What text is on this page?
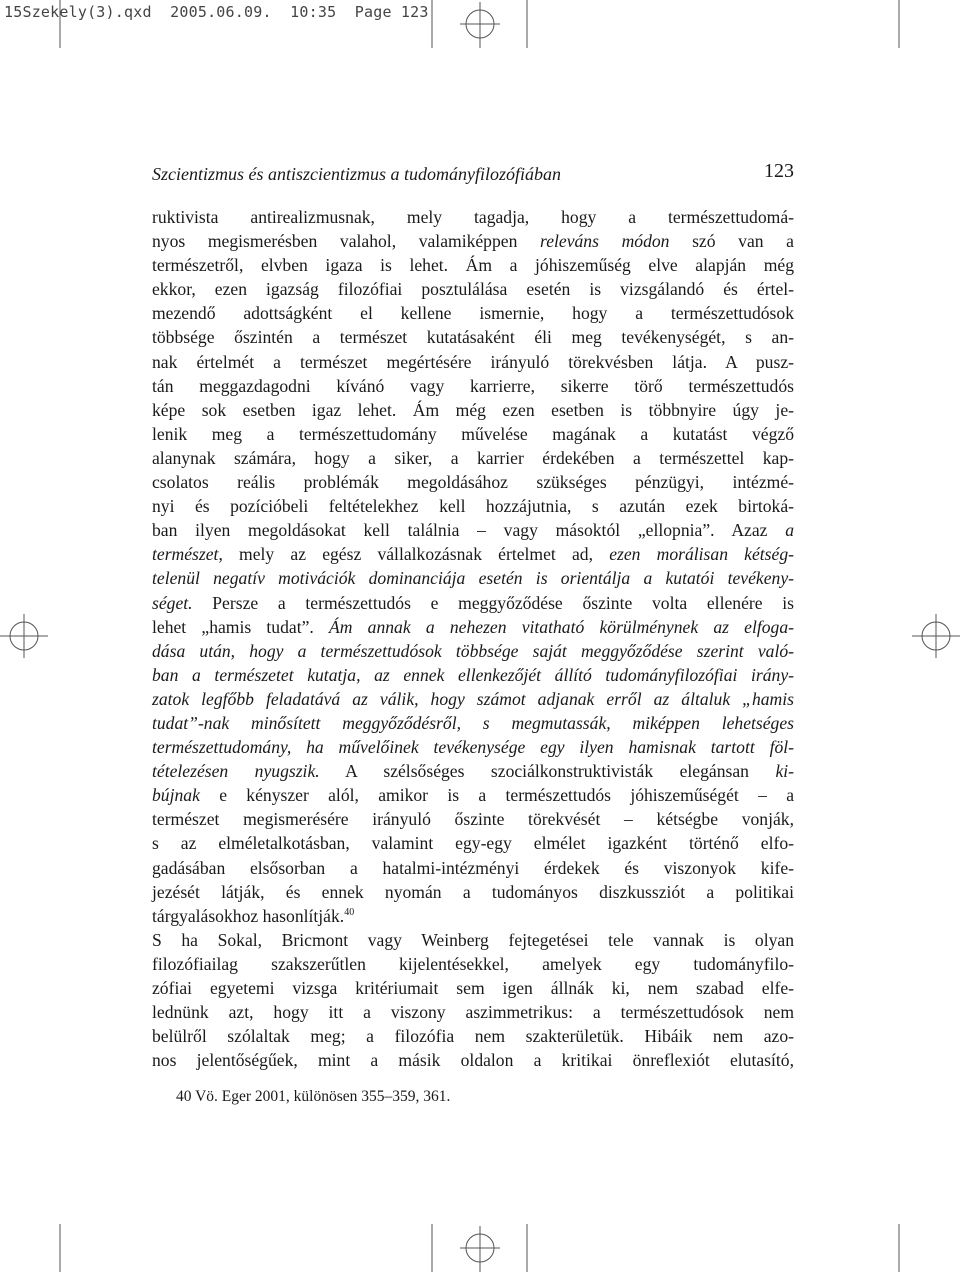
15Szekely(3).qxd  2005.06.09.  10:35  Page 123
Szcientizmus és antiszcientizmus a tudományfilozófiában	123
ruktivista antirealizmusnak, mely tagadja, hogy a természettudomá-
nyos megismerésben valahol, valamiképpen releváns módon szó van a
természetről, elvben igaza is lehet. Ám a jóhiszeműség elve alapján még
ekkor, ezen igazság filozófiai posztulálása esetén is vizsgálandó és értel-
mezendő adottságként el kellene ismernie, hogy a természettudósok
többsége őszintén a természet kutatásaként éli meg tevékenységét, s an-
nak értelmét a természet megértésére irányuló törekvésben látja. A pusz-
tán meggazdagodni kívánó vagy karrierre, sikerre törő természettudós
képe sok esetben igaz lehet. Ám még ezen esetben is többnyire úgy je-
lenik meg a természettudomány művelése magának a kutatást végző
alanynak számára, hogy a siker, a karrier érdekében a természettel kap-
csolatos reális problémák megoldásához szükséges pénzügyi, intézmé-
nyi és pozícióbeli feltételekhez kell hozzájutnia, s azután ezek birtoká-
ban ilyen megoldásokat kell találnia – vagy másoktól „ellopnia”. Azaz a
természet, mely az egész vállalkozásnak értelmet ad, ezen morálisan kétség-
telenül negatív motivációk dominanciája esetén is orientálja a kutatói tevékeny-
séget. Persze a természettudós e meggyőződése őszinte volta ellenére is
lehet „hamis tudat”. Ám annak a nehezen vitatható körülménynek az elfoga-
dása után, hogy a természettudósok többsége saját meggyőződése szerint való-
ban a természetet kutatja, az ennek ellenkezőjét állító tudományfilozófiai irány-
zatok legfőbb feladatává az válik, hogy számot adjanak erről az általuk „hamis
tudat”-nak minősített meggyőződésről, s megmutassák, miképpen lehetséges
természettudomány, ha művelőinek tevékenysége egy ilyen hamisnak tartott föl-
tételezésen nyugszik. A szélsőséges szociálkonstruktivisták elegánsan ki-
bújnak e kényszer alól, amikor is a természettudós jóhiszeműségét – a
természet megismerésére irányuló őszinte törekvését – kétségbe vonják,
s az elméletalkotásban, valamint egy-egy elmélet igazként történő elfo-
gadásában elsősorban a hatalmi-intézményi érdekek és viszonyok kife-
jezését látják, és ennek nyomán a tudományos diszkussziót a politikai
tárgyalásokhoz hasonlítják.$^{40}$
S ha Sokal, Bricmont vagy Weinberg fejtegetései tele vannak is olyan
filozófiailag szakszerűtlen kijelentésekkel, amelyek egy tudományfilo-
zófiai egyetemi vizsga kritériumait sem igen állnák ki, nem szabad elfe-
lednünk azt, hogy itt a viszony aszimmetrikus: a természettudósok nem
belülről szólaltak meg; a filozófia nem szakterületük. Hibáik nem azo-
nos jelentőségűek, mint a másik oldalon a kritikai önreflexiót elutasító,
40 Vö. Eger 2001, különösen 355–359, 361.
